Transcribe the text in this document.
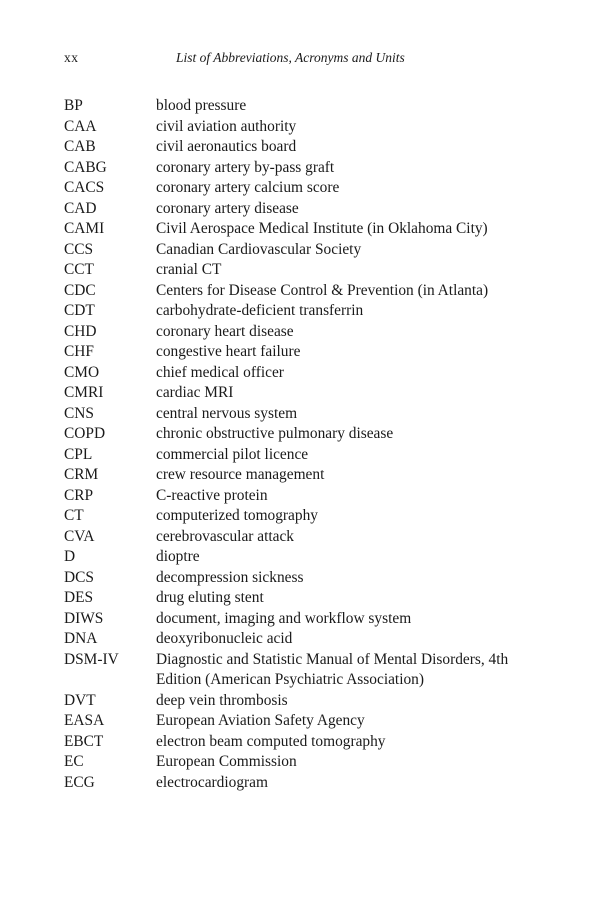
xx	List of Abbreviations, Acronyms and Units
BP	blood pressure
CAA	civil aviation authority
CAB	civil aeronautics board
CABG	coronary artery by-pass graft
CACS	coronary artery calcium score
CAD	coronary artery disease
CAMI	Civil Aerospace Medical Institute (in Oklahoma City)
CCS	Canadian Cardiovascular Society
CCT	cranial CT
CDC	Centers for Disease Control & Prevention (in Atlanta)
CDT	carbohydrate-deficient transferrin
CHD	coronary heart disease
CHF	congestive heart failure
CMO	chief medical officer
CMRI	cardiac MRI
CNS	central nervous system
COPD	chronic obstructive pulmonary disease
CPL	commercial pilot licence
CRM	crew resource management
CRP	C-reactive protein
CT	computerized tomography
CVA	cerebrovascular attack
D	dioptre
DCS	decompression sickness
DES	drug eluting stent
DIWS	document, imaging and workflow system
DNA	deoxyribonucleic acid
DSM-IV	Diagnostic and Statistic Manual of Mental Disorders, 4th Edition (American Psychiatric Association)
DVT	deep vein thrombosis
EASA	European Aviation Safety Agency
EBCT	electron beam computed tomography
EC	European Commission
ECG	electrocardiogram
